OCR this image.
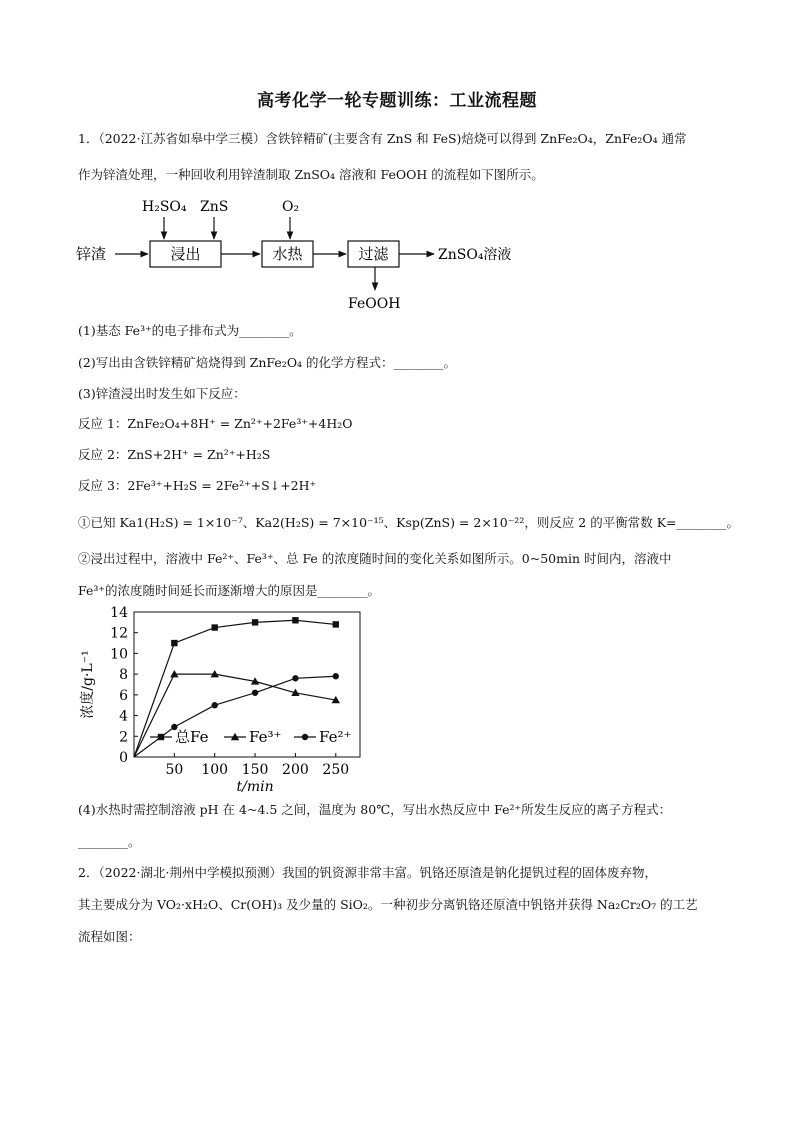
高考化学一轮专题训练：工业流程题
1．（2022·江苏省如皋中学三模）含铁锌精矿(主要含有 ZnS 和 FeS)焙烧可以得到 ZnFe₂O₄，ZnFe₂O₄ 通常
作为锌渣处理，一种回收利用锌渣制取 ZnSO₄ 溶液和 FeOOH 的流程如下图所示。
锌渣	浸出	水热	过滤	ZnSO₄溶液
H₂SO₄ ZnS	O₂
FeOOH
(1)基态 Fe³⁺的电子排布式为________。
(2)写出由含铁锌精矿焙烧得到 ZnFe₂O₄ 的化学方程式：________。
(3)锌渣浸出时发生如下反应：
反应 1：ZnFe₂O₄+8H⁺ = Zn²⁺+2Fe³⁺+4H₂O
反应 2：ZnS+2H⁺ = Zn²⁺+H₂S
反应 3：2Fe³⁺+H₂S = 2Fe²⁺+S↓+2H⁺
①已知 Ka1(H₂S) = 1×10⁻⁷、Ka2(H₂S) = 7×10⁻¹⁵、Ksp(ZnS) = 2×10⁻²²，则反应 2 的平衡常数 K=________。
②浸出过程中，溶液中 Fe²⁺、Fe³⁺、总 Fe 的浓度随时间的变化关系如图所示。0~50min 时间内，溶液中
Fe³⁺的浓度随时间延长而逐渐增大的原因是________。
0
2
4
6
8
10
12
14
50 100 150 200 250
总Fe	Fe³⁺	Fe²⁺
浓度/g·L⁻¹
t/min
(4)水热时需控制溶液 pH 在 4~4.5 之间，温度为 80℃，写出水热反应中 Fe²⁺所发生反应的离子方程式：
________。
2．（2022·湖北·荆州中学模拟预测）我国的钒资源非常丰富。钒铬还原渣是钠化提钒过程的固体废弃物，
其主要成分为 VO₂·xH₂O、Cr(OH)₃ 及少量的 SiO₂。一种初步分离钒铬还原渣中钒铬并获得 Na₂Cr₂O₇ 的工艺
流程如图：
